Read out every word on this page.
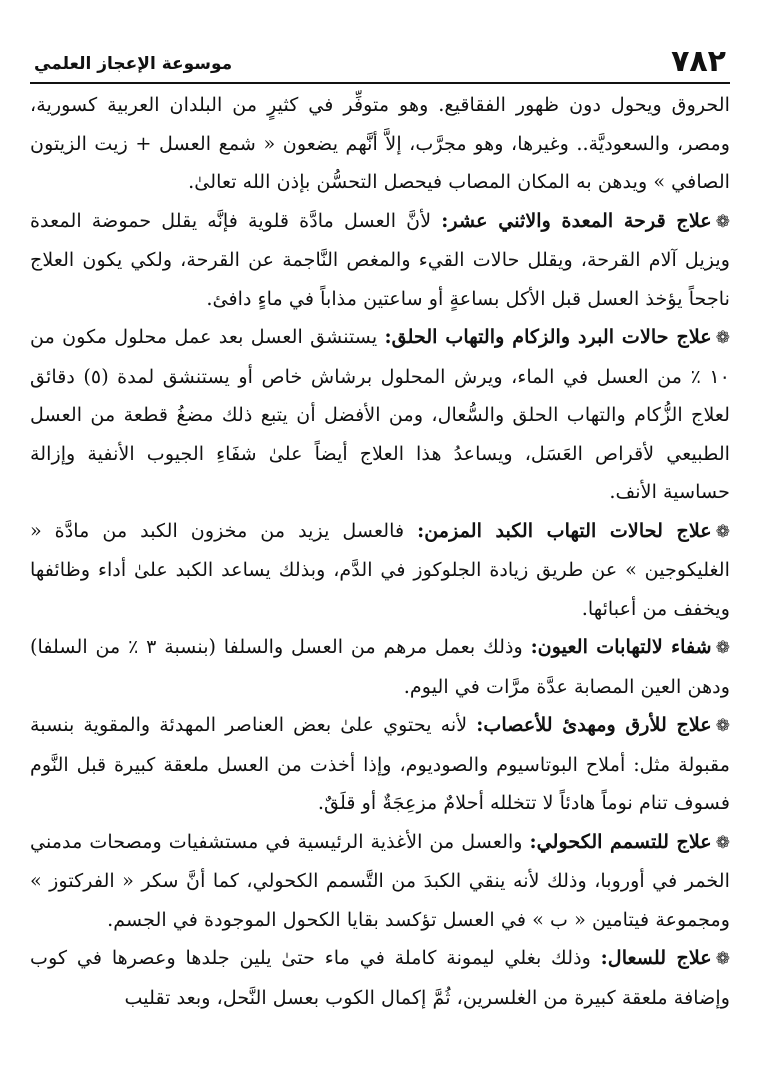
٧٨٢
موسوعة الإعجاز العلمي

الحروق ويحول دون ظهور الفقاقيع. وهو متوفِّر في كثيرٍ من البلدان العربية كسورية، ومصر، والسعوديَّة.. وغيرها، وهو مجرَّب، إلاَّ أنَّهم يضعون « شمع العسل + زيت الزيتون الصافي » ويدهن به المكان المصاب فيحصل التحسُّن بإذن الله تعالىٰ.

❁علاج قرحة المعدة والاثني عشر: لأنَّ العسل مادَّة قلوية فإنَّه يقلل حموضة المعدة ويزيل آلام القرحة، ويقلل حالات القيء والمغص النَّاجمة عن القرحة، ولكي يكون العلاج ناجحاً يؤخذ العسل قبل الأكل بساعةٍ أو ساعتين مذاباً في ماءٍ دافئ.

❁علاج حالات البرد والزكام والتهاب الحلق: يستنشق العسل بعد عمل محلول مكون من ١٠ ٪ من العسل في الماء، ويرش المحلول برشاش خاص أو يستنشق لمدة (٥) دقائق لعلاج الزُّكام والتهاب الحلق والسُّعال، ومن الأفضل أن يتبع ذلك مضغُ قطعة من العسل الطبيعي لأقراص العَسَل، ويساعدُ هذا العلاج أيضاً علىٰ شفَاءِ الجيوب الأنفية وإزالة حساسية الأنف.

❁علاج لحالات التهاب الكبد المزمن: فالعسل يزيد من مخزون الكبد من مادَّة « الغليكوجين » عن طريق زيادة الجلوكوز في الدَّم، وبذلك يساعد الكبد علىٰ أداء وظائفها ويخفف من أعبائها.

❁شفاء لالتهابات العيون: وذلك بعمل مرهم من العسل والسلفا (بنسبة ٣ ٪ من السلفا) ودهن العين المصابة عدَّة مرَّات في اليوم.

❁علاج للأرق ومهدئ للأعصاب: لأنه يحتوي علىٰ بعض العناصر المهدئة والمقوية بنسبة مقبولة مثل: أملاح البوتاسيوم والصوديوم، وإذا أخذت من العسل ملعقة كبيرة قبل النَّوم فسوف تنام نوماً هادئاً لا تتخلله أحلامٌ مزعِجَةٌ أو قلَقٌ.

❁علاج للتسمم الكحولي: والعسل من الأغذية الرئيسية في مستشفيات ومصحات مدمني الخمر في أوروبا، وذلك لأنه ينقي الكبدَ من التَّسمم الكحولي، كما أنَّ سكر « الفركتوز » ومجموعة فيتامين « ب » في العسل تؤكسد بقايا الكحول الموجودة في الجسم.

❁علاج للسعال: وذلك بغلي ليمونة كاملة في ماء حتىٰ يلين جلدها وعصرها في كوب وإضافة ملعقة كبيرة من الغلسرين، ثُمَّ إكمال الكوب بعسل النَّحل، وبعد تقليب
